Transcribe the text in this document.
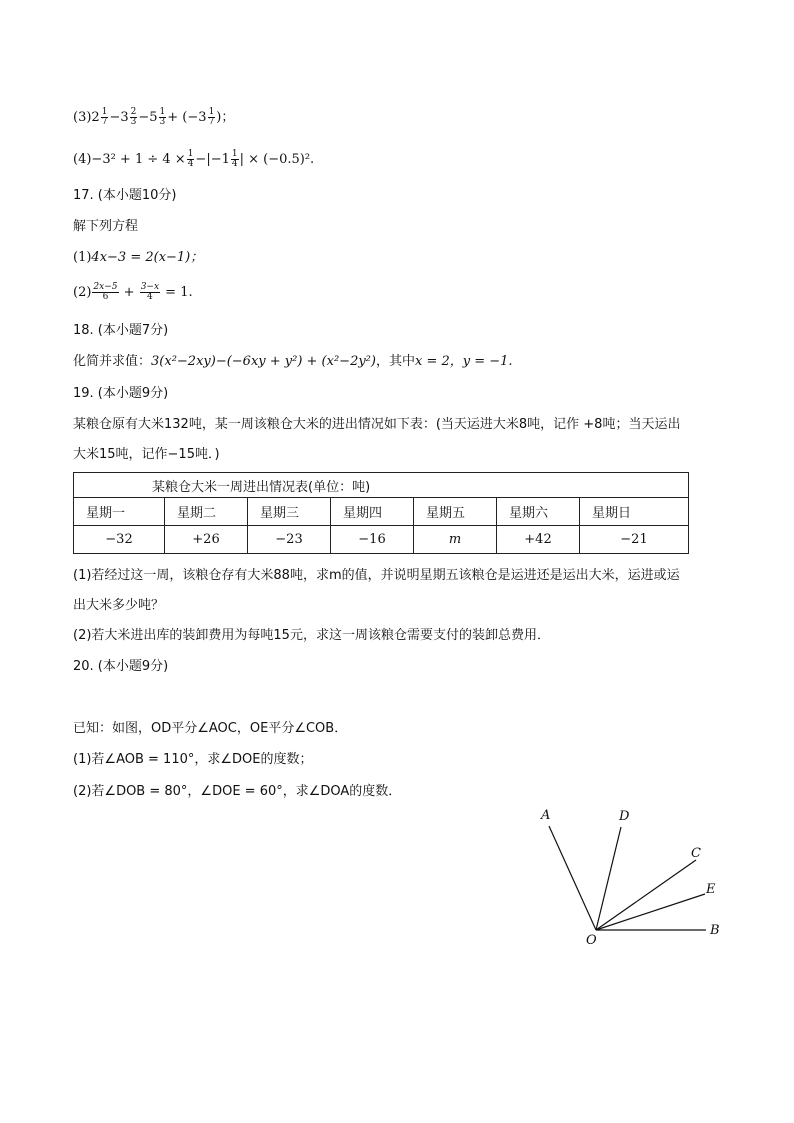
$(3)2 \frac{1}{7} -3 \frac{2}{3} -5 \frac{1}{3} + (-3 \frac{1}{7}$ )；
$(4)-3^2 + 1 \div 4 \times \frac{1}{4} -|-1 \frac{1}{4}$ | × (−0.5)².
17. (本小题10分)
解下列方程
(1)4x−3 = 2(x−1)；
$(2) \frac{2x-5}{6} + \frac{3-x}{4} = 1$.
18. (本小题7分)
化简并求值：3(x²−2xy)−(−6xy + y²) + (x²−2y²)，其中x = 2，y = −1.
19. (本小题9分)
某粮仓原有大米132吨，某一周该粮仓大米的进出情况如下表：(当天运进大米8吨，记作 +8吨；当天运出
大米15吨，记作−15吨．)
某粮仓大米一周进出情况表(单位：吨)						
星期一	星期二	星期三	星期四	星期五	星期六	星期日
−32	+26	−23	−16	m	+42	−21
(1)若经过这一周，该粮仓存有大米88吨，求m的值，并说明星期五该粮仓是运进还是运出大米，运进或运
出大米多少吨？
(2)若大米进出库的装卸费用为每吨15元，求这一周该粮仓需要支付的装卸总费用．
20. (本小题9分)
已知：如图，OD平分∠AOC，OE平分∠COB．
(1)若∠AOB = 110°，求∠DOE的度数；
(2)若∠DOB = 80°，∠DOE = 60°，求∠DOA的度数．
A	D
C
E
B
O
